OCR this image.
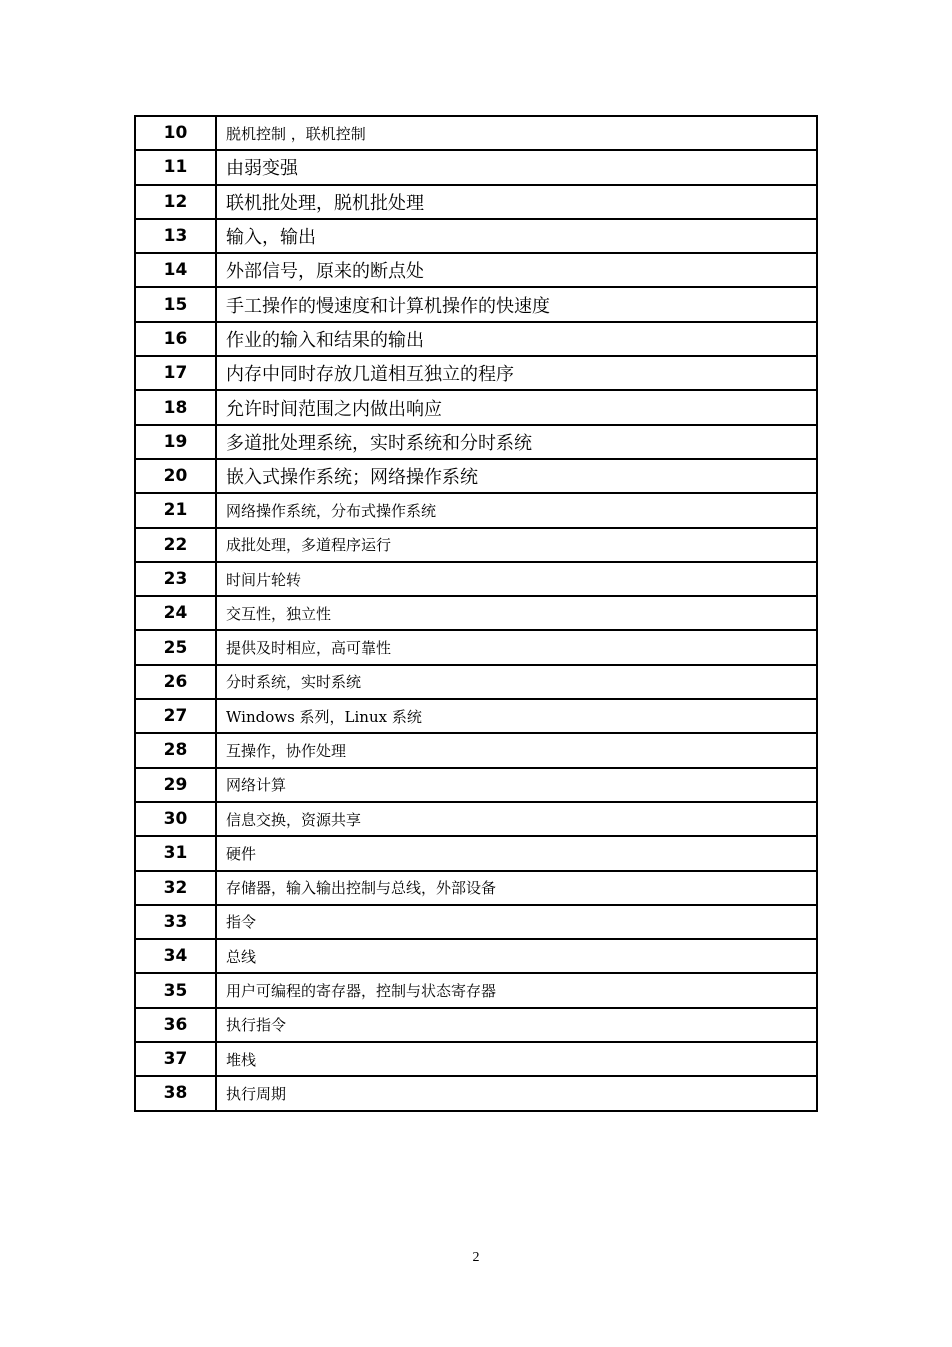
10	脱机控制 ，联机控制
11	由弱变强
12	联机批处理，脱机批处理
13	输入，输出
14	外部信号，原来的断点处
15	手工操作的慢速度和计算机操作的快速度
16	作业的输入和结果的输出
17	内存中同时存放几道相互独立的程序
18	允许时间范围之内做出响应
19	多道批处理系统，实时系统和分时系统
20	嵌入式操作系统；网络操作系统
21	网络操作系统，分布式操作系统
22	成批处理，多道程序运行
23	时间片轮转
24	交互性，独立性
25	提供及时相应，高可靠性
26	分时系统，实时系统
27	Windows 系列，Linux 系统
28	互操作，协作处理
29	网络计算
30	信息交换，资源共享
31	硬件
32	存储器，输入输出控制与总线，外部设备
33	指令
34	总线
35	用户可编程的寄存器，控制与状态寄存器
36	执行指令
37	堆栈
38	执行周期
2
